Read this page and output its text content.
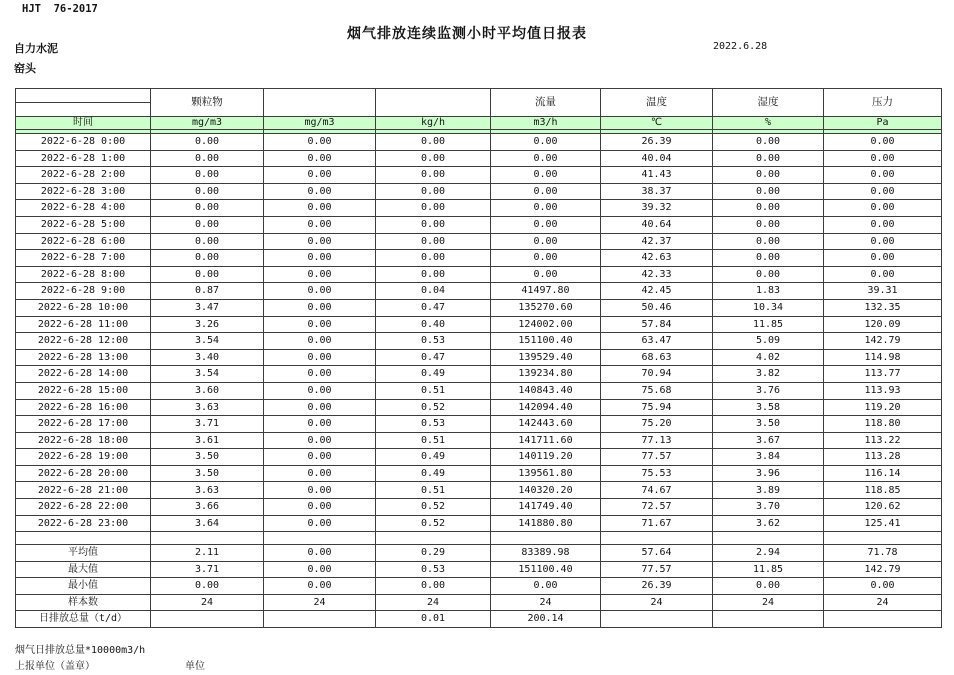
HJT  76-2017
烟气排放连续监测小时平均值日报表
自力水泥	2022.6.28
窑头
	颗粒物			流量	温度	湿度	压力

时间	mg/m3	mg/m3	kg/h	m3/h	℃	%	Pa

2022-6-28 0:00	0.00	0.00	0.00	0.00	26.39	0.00	0.00
2022-6-28 1:00	0.00	0.00	0.00	0.00	40.04	0.00	0.00
2022-6-28 2:00	0.00	0.00	0.00	0.00	41.43	0.00	0.00
2022-6-28 3:00	0.00	0.00	0.00	0.00	38.37	0.00	0.00
2022-6-28 4:00	0.00	0.00	0.00	0.00	39.32	0.00	0.00
2022-6-28 5:00	0.00	0.00	0.00	0.00	40.64	0.00	0.00
2022-6-28 6:00	0.00	0.00	0.00	0.00	42.37	0.00	0.00
2022-6-28 7:00	0.00	0.00	0.00	0.00	42.63	0.00	0.00
2022-6-28 8:00	0.00	0.00	0.00	0.00	42.33	0.00	0.00
2022-6-28 9:00	0.87	0.00	0.04	41497.80	42.45	1.83	39.31
2022-6-28 10:00	3.47	0.00	0.47	135270.60	50.46	10.34	132.35
2022-6-28 11:00	3.26	0.00	0.40	124002.00	57.84	11.85	120.09
2022-6-28 12:00	3.54	0.00	0.53	151100.40	63.47	5.09	142.79
2022-6-28 13:00	3.40	0.00	0.47	139529.40	68.63	4.02	114.98
2022-6-28 14:00	3.54	0.00	0.49	139234.80	70.94	3.82	113.77
2022-6-28 15:00	3.60	0.00	0.51	140843.40	75.68	3.76	113.93
2022-6-28 16:00	3.63	0.00	0.52	142094.40	75.94	3.58	119.20
2022-6-28 17:00	3.71	0.00	0.53	142443.60	75.20	3.50	118.80
2022-6-28 18:00	3.61	0.00	0.51	141711.60	77.13	3.67	113.22
2022-6-28 19:00	3.50	0.00	0.49	140119.20	77.57	3.84	113.28
2022-6-28 20:00	3.50	0.00	0.49	139561.80	75.53	3.96	116.14
2022-6-28 21:00	3.63	0.00	0.51	140320.20	74.67	3.89	118.85
2022-6-28 22:00	3.66	0.00	0.52	141749.40	72.57	3.70	120.62
2022-6-28 23:00	3.64	0.00	0.52	141880.80	71.67	3.62	125.41

平均值	2.11	0.00	0.29	83389.98	57.64	2.94	71.78
最大值	3.71	0.00	0.53	151100.40	77.57	11.85	142.79
最小值	0.00	0.00	0.00	0.00	26.39	0.00	0.00
样本数	24	24	24	24	24	24	24
日排放总量（t/d）			0.01	200.14			
烟气日排放总量*10000m3/h
上报单位（盖章）	单位
